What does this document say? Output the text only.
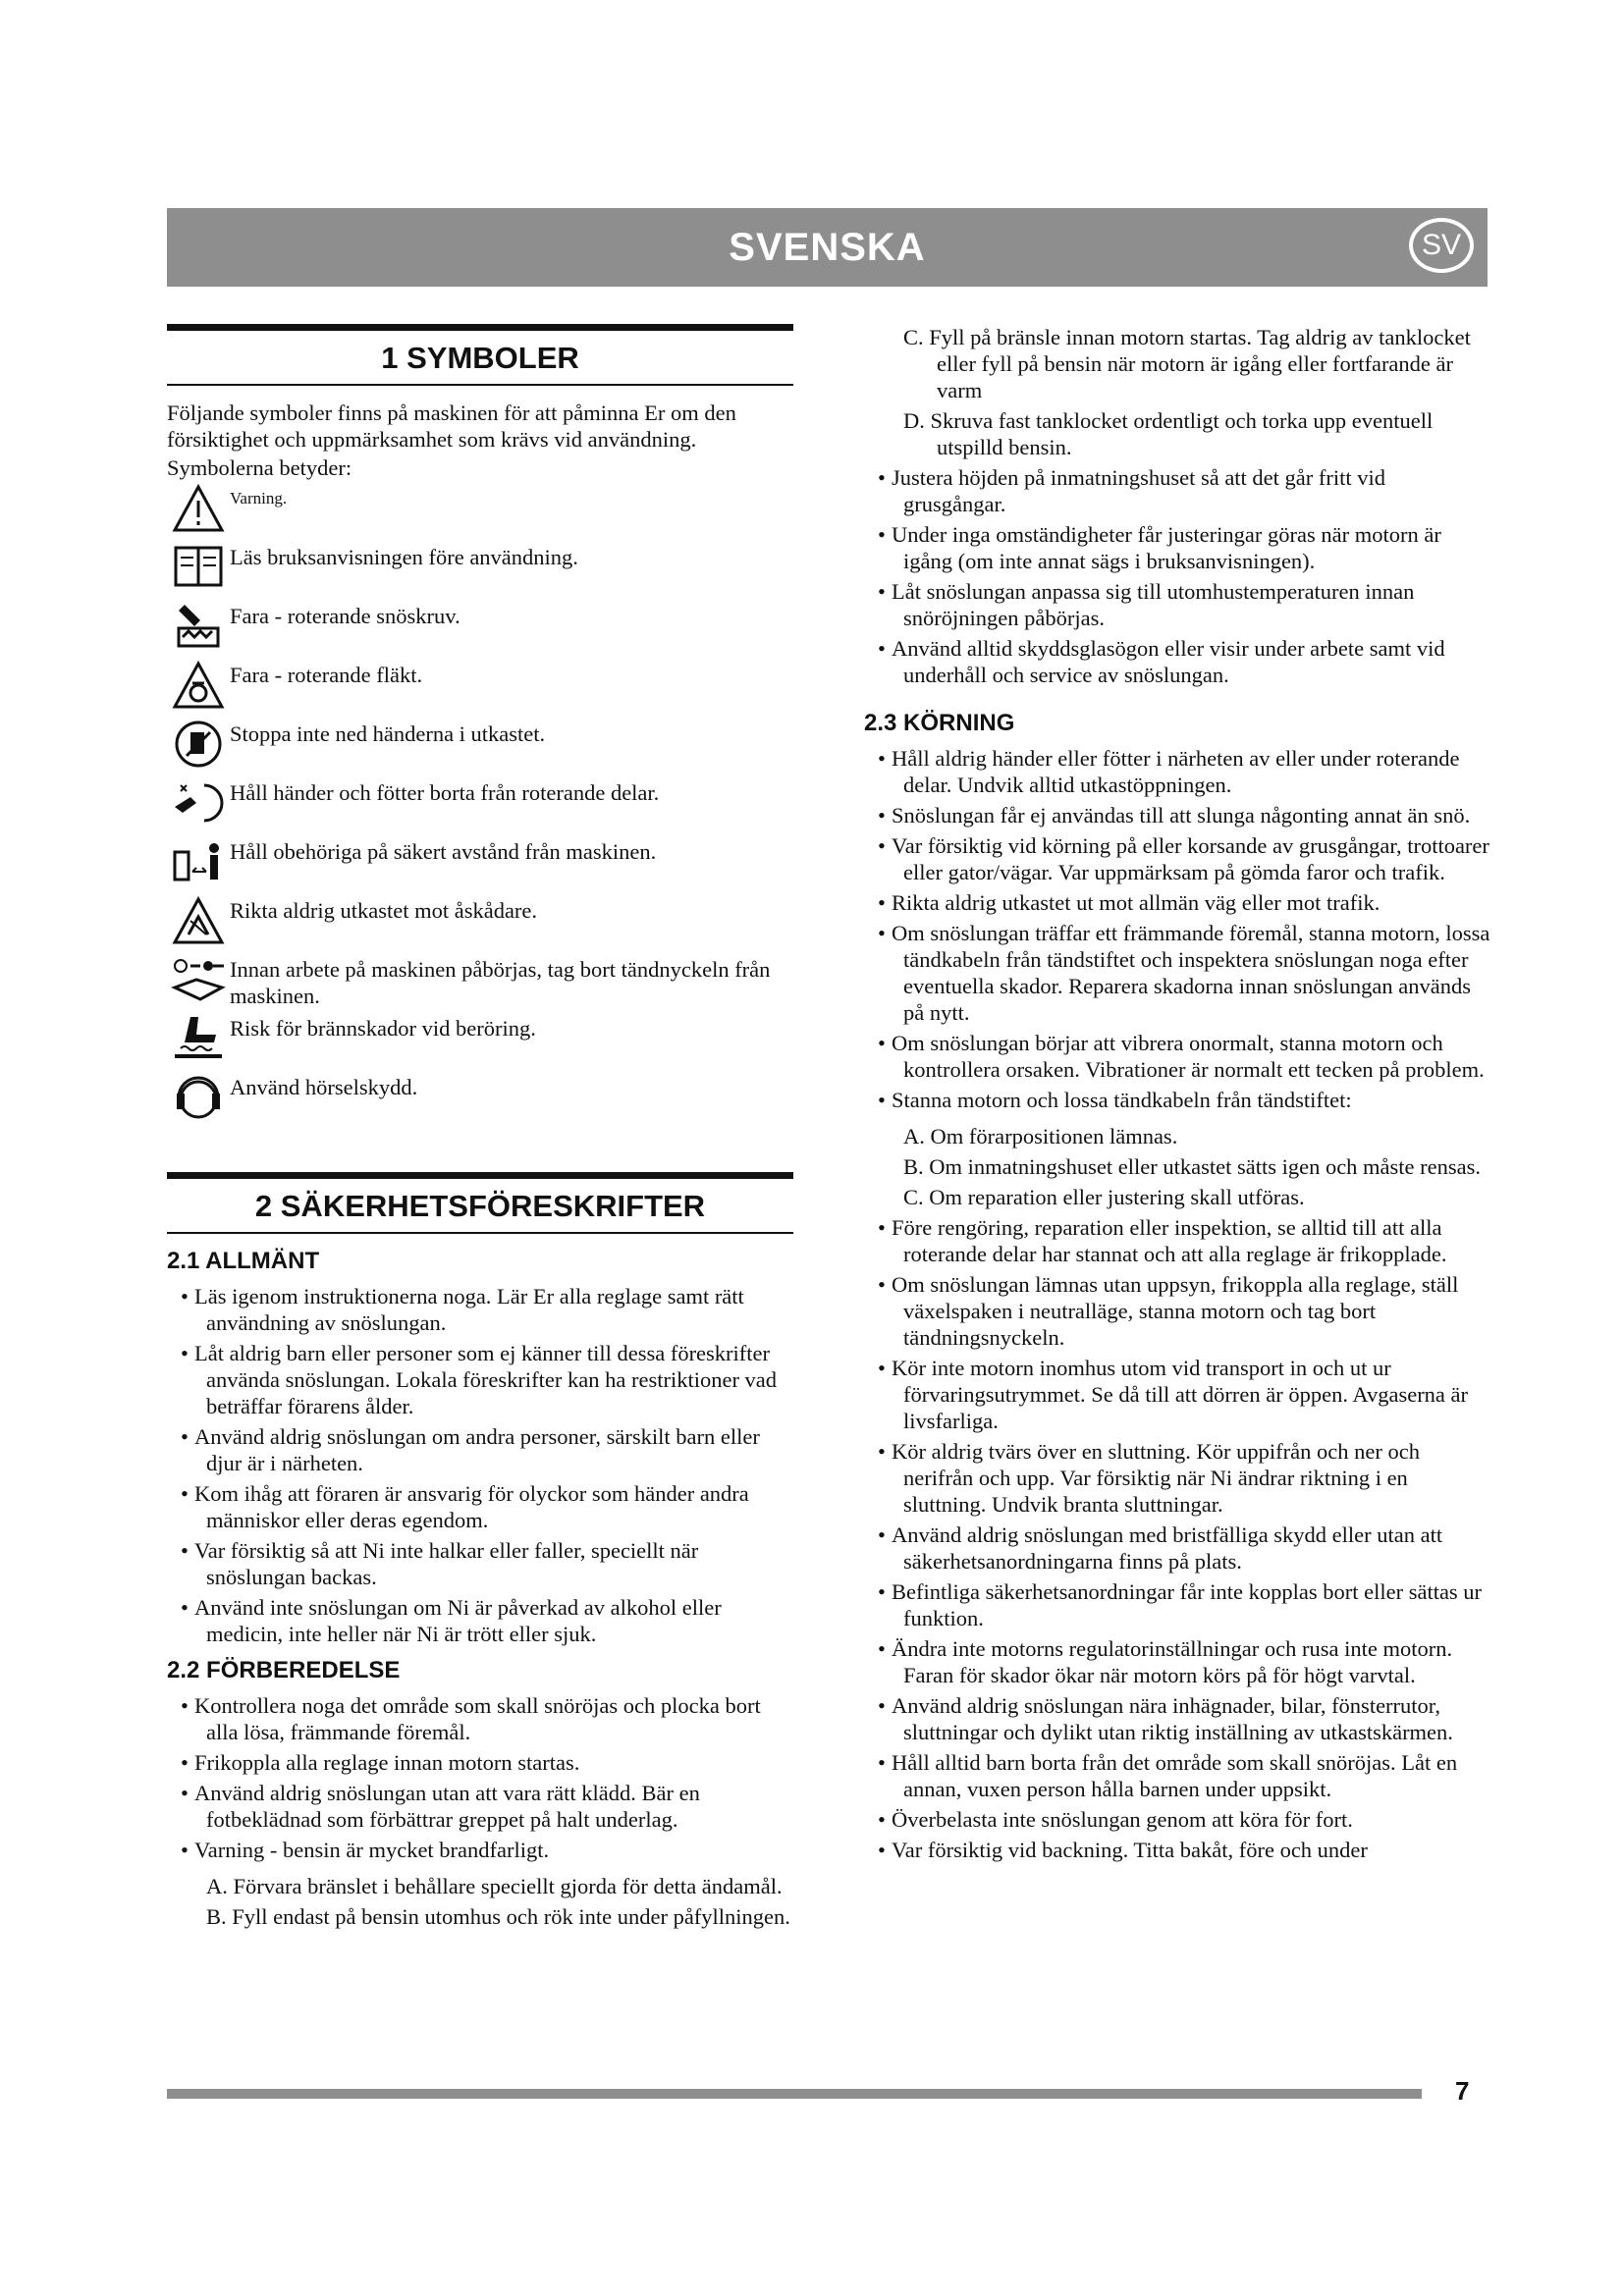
SVENSKA	SV
1 SYMBOLER

Följande symboler finns på maskinen för att påminna Er om den försiktighet och uppmärksamhet som krävs vid användning.

Symbolerna betyder:

Varning.
Läs bruksanvisningen före användning.
Fara - roterande snöskruv.
Fara - roterande fläkt.
Stoppa inte ned händerna i utkastet.
Håll händer och fötter borta från roterande delar.
Håll obehöriga på säkert avstånd från maskinen.
Rikta aldrig utkastet mot åskådare.
Innan arbete på maskinen påbörjas, tag bort tändnyckeln från maskinen.
Risk för brännskador vid beröring.
Använd hörselskydd.
2 SÄKERHETSFÖRESKRIFTER
2.1 ALLMÄNT
• Läs igenom instruktionerna noga. Lär Er alla reglage samt rätt användning av snöslungan.
• Låt aldrig barn eller personer som ej känner till dessa föreskrifter använda snöslungan. Lokala föreskrifter kan ha restriktioner vad beträffar förarens ålder.
• Använd aldrig snöslungan om andra personer, särskilt barn eller djur är i närheten.
• Kom ihåg att föraren är ansvarig för olyckor som händer andra människor eller deras egendom.
• Var försiktig så att Ni inte halkar eller faller, speciellt när snöslungan backas.
• Använd inte snöslungan om Ni är påverkad av alkohol eller medicin, inte heller när Ni är trött eller sjuk.
2.2 FÖRBEREDELSE
• Kontrollera noga det område som skall snöröjas och plocka bort alla lösa, främmande föremål.
• Frikoppla alla reglage innan motorn startas.
• Använd aldrig snöslungan utan att vara rätt klädd. Bär en fotbeklädnad som förbättrar greppet på halt underlag.
• Varning - bensin är mycket brandfarligt.
A. Förvara bränslet i behållare speciellt gjorda för detta ändamål.
B. Fyll endast på bensin utomhus och rök inte under påfyllningen.
C. Fyll på bränsle innan motorn startas. Tag aldrig av tanklocket eller fyll på bensin när motorn är igång eller fortfarande är varm
D. Skruva fast tanklocket ordentligt och torka upp eventuell utspilld bensin.
• Justera höjden på inmatningshuset så att det går fritt vid grusgångar.
• Under inga omständigheter får justeringar göras när motorn är igång (om inte annat sägs i bruksanvisningen).
• Låt snöslungan anpassa sig till utomhustemperaturen innan snöröjningen påbörjas.
• Använd alltid skyddsglasögon eller visir under arbete samt vid underhåll och service av snöslungan.
2.3 KÖRNING
• Håll aldrig händer eller fötter i närheten av eller under roterande delar. Undvik alltid utkastöppningen.
• Snöslungan får ej användas till att slunga någonting annat än snö.
• Var försiktig vid körning på eller korsande av grusgångar, trottoarer eller gator/vägar. Var uppmärksam på gömda faror och trafik.
• Rikta aldrig utkastet ut mot allmän väg eller mot trafik.
• Om snöslungan träffar ett främmande föremål, stanna motorn, lossa tändkabeln från tändstiftet och inspektera snöslungan noga efter eventuella skador. Reparera skadorna innan snöslungan används på nytt.
• Om snöslungan börjar att vibrera onormalt, stanna motorn och kontrollera orsaken. Vibrationer är normalt ett tecken på problem.
• Stanna motorn och lossa tändkabeln från tändstiftet:
A. Om förarpositionen lämnas.
B. Om inmatningshuset eller utkastet sätts igen och måste rensas.
C. Om reparation eller justering skall utföras.
• Före rengöring, reparation eller inspektion, se alltid till att alla roterande delar har stannat och att alla reglage är frikopplade.
• Om snöslungan lämnas utan uppsyn, frikoppla alla reglage, ställ växelspaken i neutralläge, stanna motorn och tag bort tändningsnyckeln.
• Kör inte motorn inomhus utom vid transport in och ut ur förvaringsutrymmet. Se då till att dörren är öppen. Avgaserna är livsfarliga.
• Kör aldrig tvärs över en sluttning. Kör uppifrån och ner och nerifrån och upp. Var försiktig när Ni ändrar riktning i en sluttning. Undvik branta sluttningar.
• Använd aldrig snöslungan med bristfälliga skydd eller utan att säkerhetsanordningarna finns på plats.
• Befintliga säkerhetsanordningar får inte kopplas bort eller sättas ur funktion.
• Ändra inte motorns regulatorinställningar och rusa inte motorn. Faran för skador ökar när motorn körs på för högt varvtal.
• Använd aldrig snöslungan nära inhägnader, bilar, fönsterrutor, sluttningar och dylikt utan riktig inställning av utkastskärmen.
• Håll alltid barn borta från det område som skall snöröjas. Låt en annan, vuxen person hålla barnen under uppsikt.
• Överbelasta inte snöslungan genom att köra för fort.
• Var försiktig vid backning. Titta bakåt, före och under
7
